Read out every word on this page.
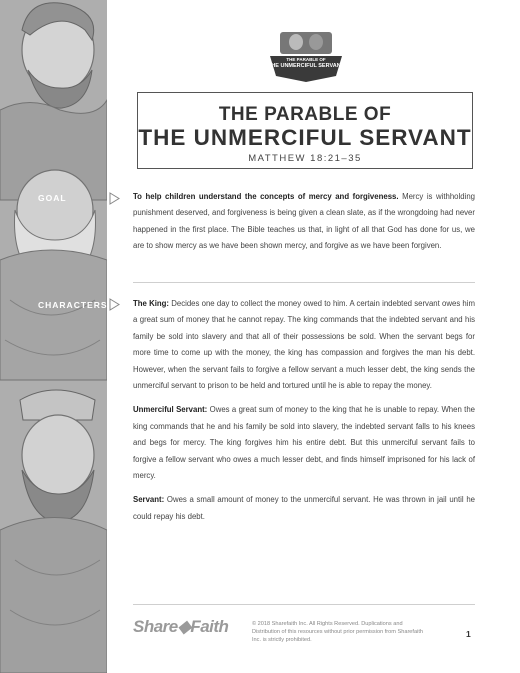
THE PARABLE OF
THE UNMERCIFUL SERVANT
THE PARABLE OF
THE UNMERCIFUL SERVANT
MATTHEW 18:21–35
GOAL	To help children understand the concepts of mercy and forgiveness. Mercy is withholding punishment deserved, and forgiveness is being given a clean slate, as if the wrongdoing had never happened in the first place. The Bible teaches us that, in light of all that God has done for us, we are to show mercy as we have been shown mercy, and forgive as we have been forgiven.
CHARACTERS	The King: Decides one day to collect the money owed to him. A certain indebted servant owes him a great sum of money that he cannot repay. The king commands that the indebted servant and his family be sold into slavery and that all of their possessions be sold. When the servant begs for more time to come up with the money, the king has compassion and forgives the man his debt. However, when the servant fails to forgive a fellow servant a much lesser debt, the king sends the unmerciful servant to prison to be held and tortured until he is able to repay the money.

Unmerciful Servant: Owes a great sum of money to the king that he is unable to repay. When the king commands that he and his family be sold into slavery, the indebted servant falls to his knees and begs for mercy. The king forgives him his entire debt. But this unmerciful servant fails to forgive a fellow servant who owes a much lesser debt, and finds himself imprisoned for his lack of mercy.

Servant: Owes a small amount of money to the unmerciful servant. He was thrown in jail until he could repay his debt.

Share◆Faith	© 2018 Sharefaith Inc. All Rights Reserved. Duplications and Distribution of this resources without prior permission from Sharefaith Inc. is strictly prohibited.
1
